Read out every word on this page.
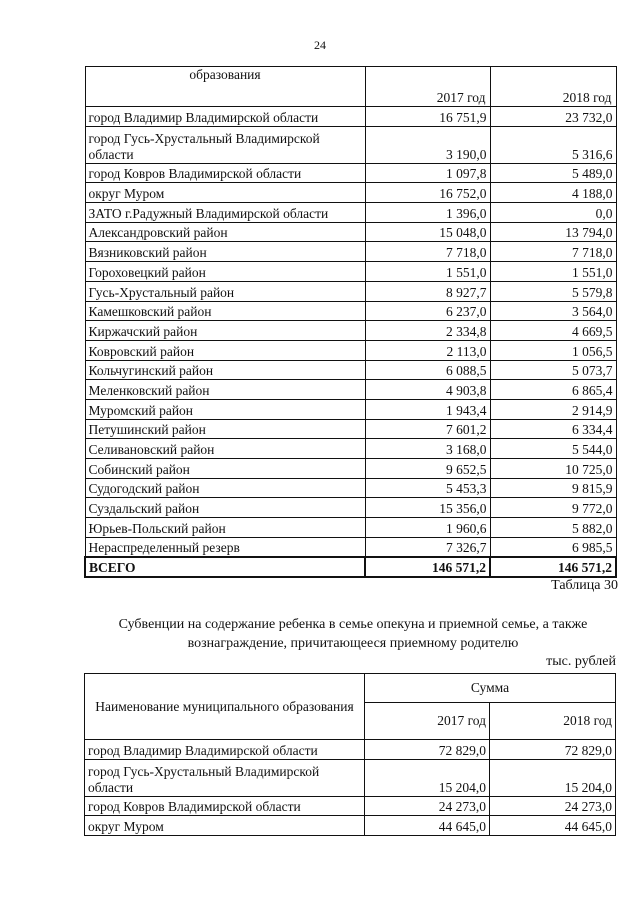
24
образования	2017 год	2018 год
город Владимир Владимирской области	16 751,9	23 732,0
город Гусь-Хрустальный Владимирской области	3 190,0	5 316,6
город Ковров Владимирской области	1 097,8	5 489,0
округ Муром	16 752,0	4 188,0
ЗАТО г.Радужный Владимирской области	1 396,0	0,0
Александровский район	15 048,0	13 794,0
Вязниковский район	7 718,0	7 718,0
Гороховецкий район	1 551,0	1 551,0
Гусь-Хрустальный район	8 927,7	5 579,8
Камешковский район	6 237,0	3 564,0
Киржачский район	2 334,8	4 669,5
Ковровский район	2 113,0	1 056,5
Кольчугинский район	6 088,5	5 073,7
Меленковский район	4 903,8	6 865,4
Муромский район	1 943,4	2 914,9
Петушинский район	7 601,2	6 334,4
Селивановский район	3 168,0	5 544,0
Собинский район	9 652,5	10 725,0
Судогодский район	5 453,3	9 815,9
Суздальский район	15 356,0	9 772,0
Юрьев-Польский район	1 960,6	5 882,0
Нераспределенный резерв	7 326,7	6 985,5
ВСЕГО	146 571,2	146 571,2
Таблица 30
Субвенции на содержание ребенка в семье опекуна и приемной семье, а также вознаграждение, причитающееся приемному родителю
тыс. рублей
Наименование муниципального образования	Сумма	
	2017 год	2018 год
город Владимир Владимирской области	72 829,0	72 829,0
город Гусь-Хрустальный Владимирской области	15 204,0	15 204,0
город Ковров Владимирской области	24 273,0	24 273,0
округ Муром	44 645,0	44 645,0
